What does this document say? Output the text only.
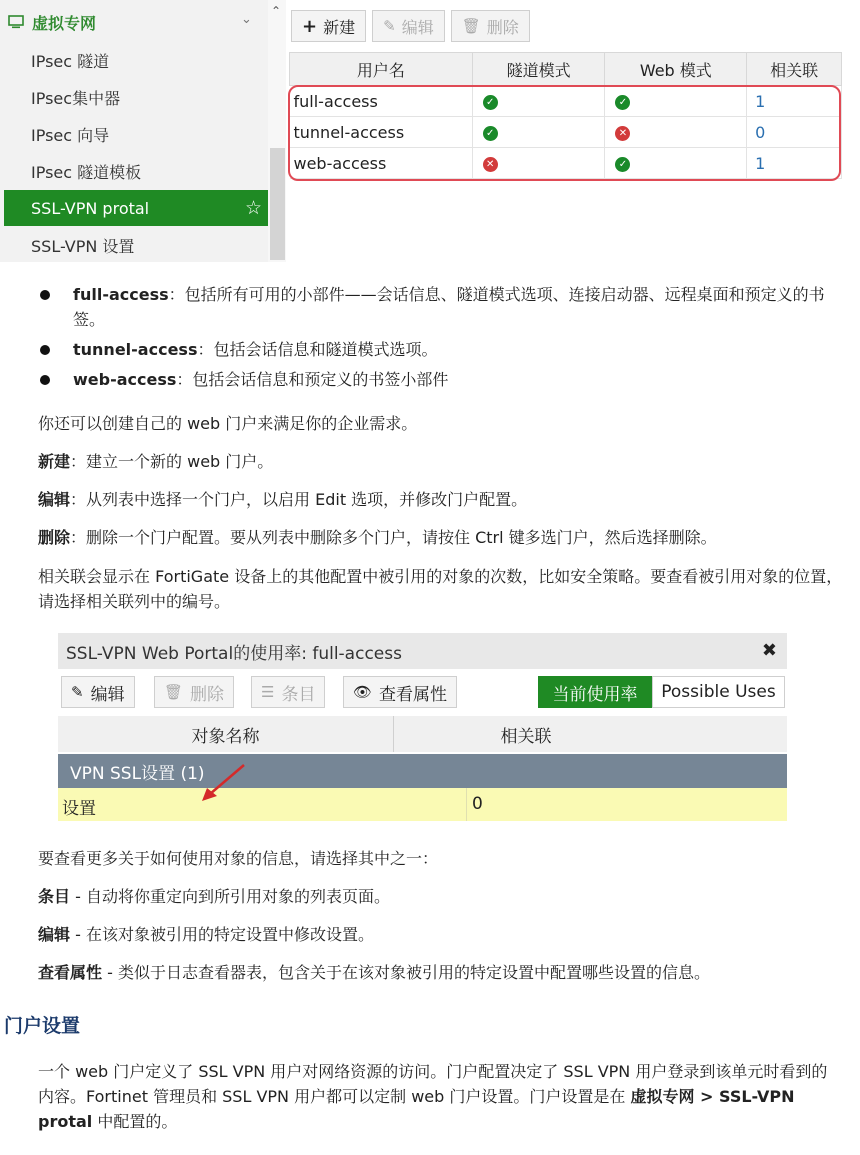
虚拟专网	⌄
IPsec 隧道
IPsec集中器
IPsec 向导
IPsec 隧道模板
SSL-VPN protal	☆
SSL-VPN 设置
⌃
+ 新建 ✎ 编辑 🗑 删除
用户名	隧道模式	Web 模式	相关联
full-access	✓	✓	1
tunnel-access	✓	✕	0
web-access	✕	✓	1
full-access：包括所有可用的小部件——会话信息、隧道模式选项、连接启动器、远程桌面和预定义的书签。
tunnel-access：包括会话信息和隧道模式选项。
web-access：包括会话信息和预定义的书签小部件
你还可以创建自己的 web 门户来满足你的企业需求。
新建：建立一个新的 web 门户。
编辑：从列表中选择一个门户，以启用 Edit 选项，并修改门户配置。
删除：删除一个门户配置。要从列表中删除多个门户，请按住 Ctrl 键多选门户，然后选择删除。
相关联会显示在 FortiGate 设备上的其他配置中被引用的对象的次数，比如安全策略。要查看被引用对象的位置，请选择相关联列中的编号。
SSL-VPN Web Portal的使用率: full-access	✖
✎ 编辑	🗑 删除 ☰ 条目	👁 查看属性	当前使用率	Possible Uses
对象名称	相关联
VPN SSL设置 (1)
设置	0
要查看更多关于如何使用对象的信息，请选择其中之一：
条目 - 自动将你重定向到所引用对象的列表页面。
编辑 - 在该对象被引用的特定设置中修改设置。
查看属性 - 类似于日志查看器表，包含关于在该对象被引用的特定设置中配置哪些设置的信息。
门户设置
一个 web 门户定义了 SSL VPN 用户对网络资源的访问。门户配置决定了 SSL VPN 用户登录到该单元时看到的内容。Fortinet 管理员和 SSL VPN 用户都可以定制 web 门户设置。门户设置是在 虚拟专网 > SSL-VPN protal 中配置的。
